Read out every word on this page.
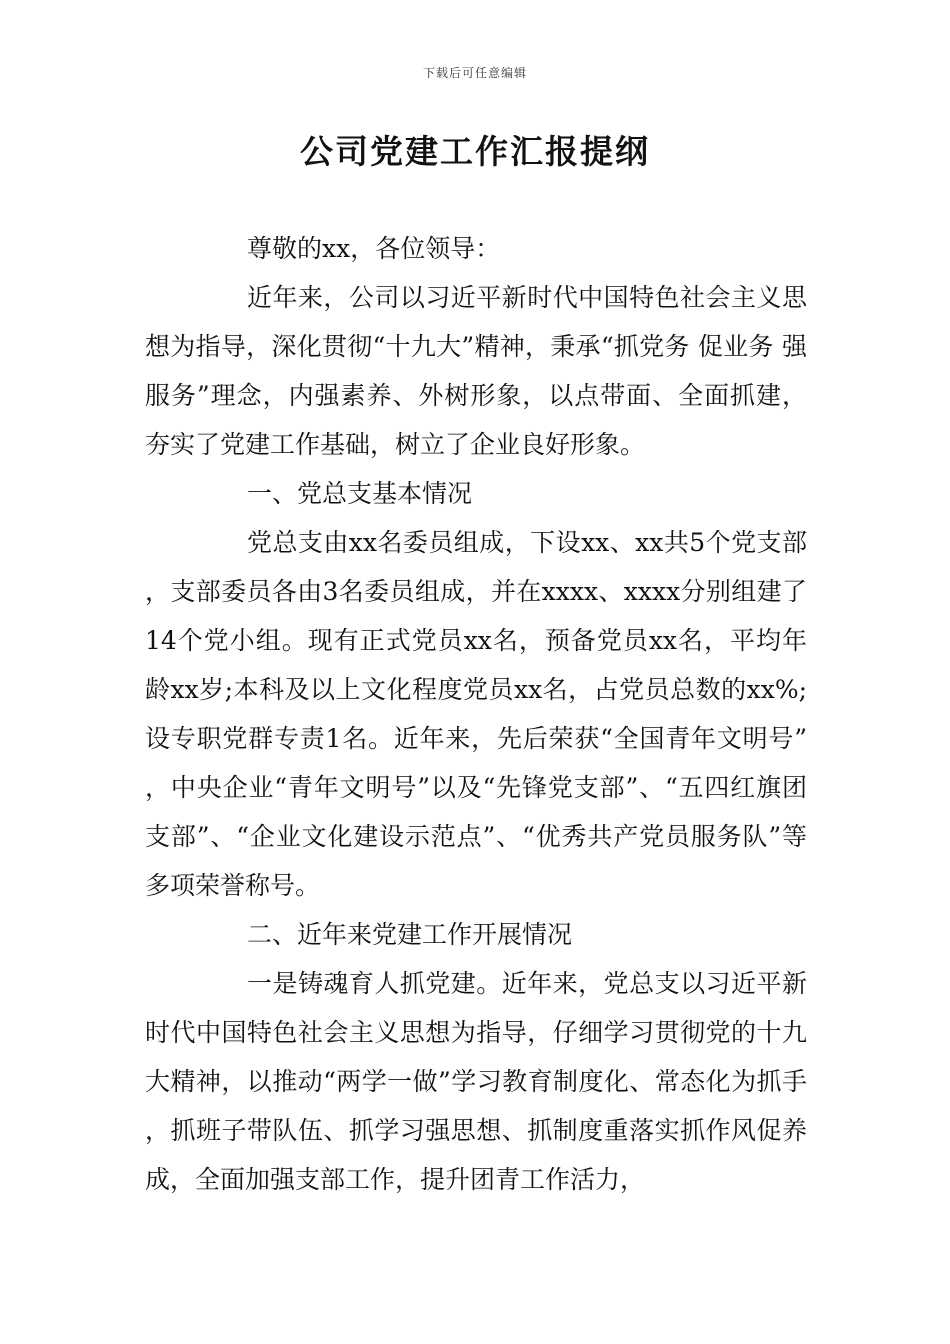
下载后可任意编辑
公司党建工作汇报提纲

尊敬的xx，各位领导：

近年来，公司以习近平新时代中国特色社会主义思想为指导，深化贯彻“十九大”精神，秉承“抓党务 促业务 强服务”理念，内强素养、外树形象，以点带面、全面抓建，夯实了党建工作基础，树立了企业良好形象。

一、党总支基本情况

党总支由xx名委员组成，下设xx、xx共5个党支部，支部委员各由3名委员组成，并在xxxx、xxxx分别组建了14个党小组。现有正式党员xx名，预备党员xx名，平均年龄xx岁;本科及以上文化程度党员xx名，占党员总数的xx%;设专职党群专责1名。近年来，先后荣获“全国青年文明号”，中央企业“青年文明号”以及“先锋党支部”、“五四红旗团支部”、“企业文化建设示范点”、“优秀共产党员服务队”等多项荣誉称号。

二、近年来党建工作开展情况

一是铸魂育人抓党建。近年来，党总支以习近平新时代中国特色社会主义思想为指导，仔细学习贯彻党的十九大精神，以推动“两学一做”学习教育制度化、常态化为抓手，抓班子带队伍、抓学习强思想、抓制度重落实抓作风促养成，全面加强支部工作，提升团青工作活力，
